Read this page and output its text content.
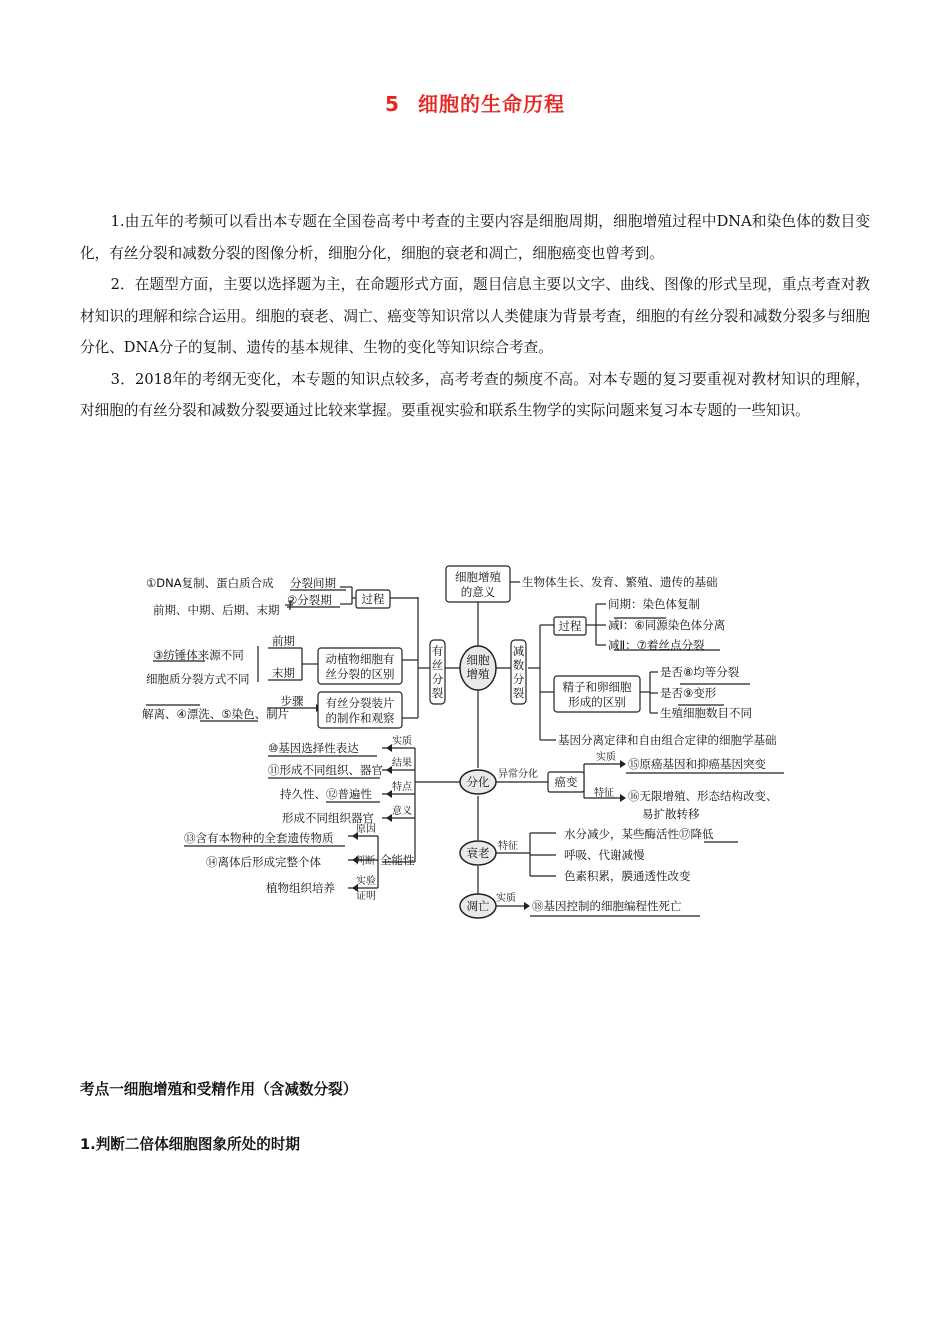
5 细胞的生命历程

1.由五年的考频可以看出本专题在全国卷高考中考查的主要内容是细胞周期，细胞增殖过程中DNA和染色体的数目变化，有丝分裂和减数分裂的图像分析，细胞分化，细胞的衰老和凋亡，细胞癌变也曾考到。

2．在题型方面，主要以选择题为主，在命题形式方面，题目信息主要以文字、曲线、图像的形式呈现，重点考查对教材知识的理解和综合运用。细胞的衰老、凋亡、癌变等知识常以人类健康为背景考查，细胞的有丝分裂和减数分裂多与细胞分化、DNA分子的复制、遗传的基本规律、生物的变化等知识综合考查。

3．2018年的考纲无变化，本专题的知识点较多，高考考查的频度不高。对本专题的复习要重视对教材知识的理解，对细胞的有丝分裂和减数分裂要通过比较来掌握。要重视实验和联系生物学的实际问题来复习本专题的一些知识。

细胞增殖
分化
衰老
凋亡
细胞增殖
的意义
生物体生长、发育、繁殖、遗传的基础
过程
①DNA复制、蛋白质合成 分裂间期
前期、中期、后期、末期
②分裂期
③纺锤体来源不同
前期
细胞质分裂方式不同 末期
动植物细胞有
丝分裂的区别
步骤 有丝分裂装片
的制作和观察
解离、④漂洗、⑤染色、制片
过程
间期：染色体复制
减Ⅰ：⑥同源染色体分离
减Ⅱ：⑦着丝点分裂
精子和卵细胞
形成的区别
是否⑧均等分裂
是否⑨变形
生殖细胞数目不同
基因分离定律和自由组合定律的细胞学基础
癌变
⑮原癌基因和抑癌基因突变
⑯无限增殖、形态结构改变、
易扩散转移
⑩基因选择性表达
⑪形成不同组织、器官
持久性、⑫普遍性
形成不同组织器官
⑬含有本物种的全套遗传物质
⑭离体后形成完整个体
植物组织培养
全能性
水分减少，某些酶活性⑰降低
呼吸、代谢减慢
色素积累，膜通透性改变
⑱基因控制的细胞编程性死亡
异常分化
实质
特征
实质
结果
特点
意义
原因
判断
实验
证明
特征
实质
有
丝
分
裂
减
数
分
裂
考点一细胞增殖和受精作用（含减数分裂）
1.判断二倍体细胞图象所处的时期
